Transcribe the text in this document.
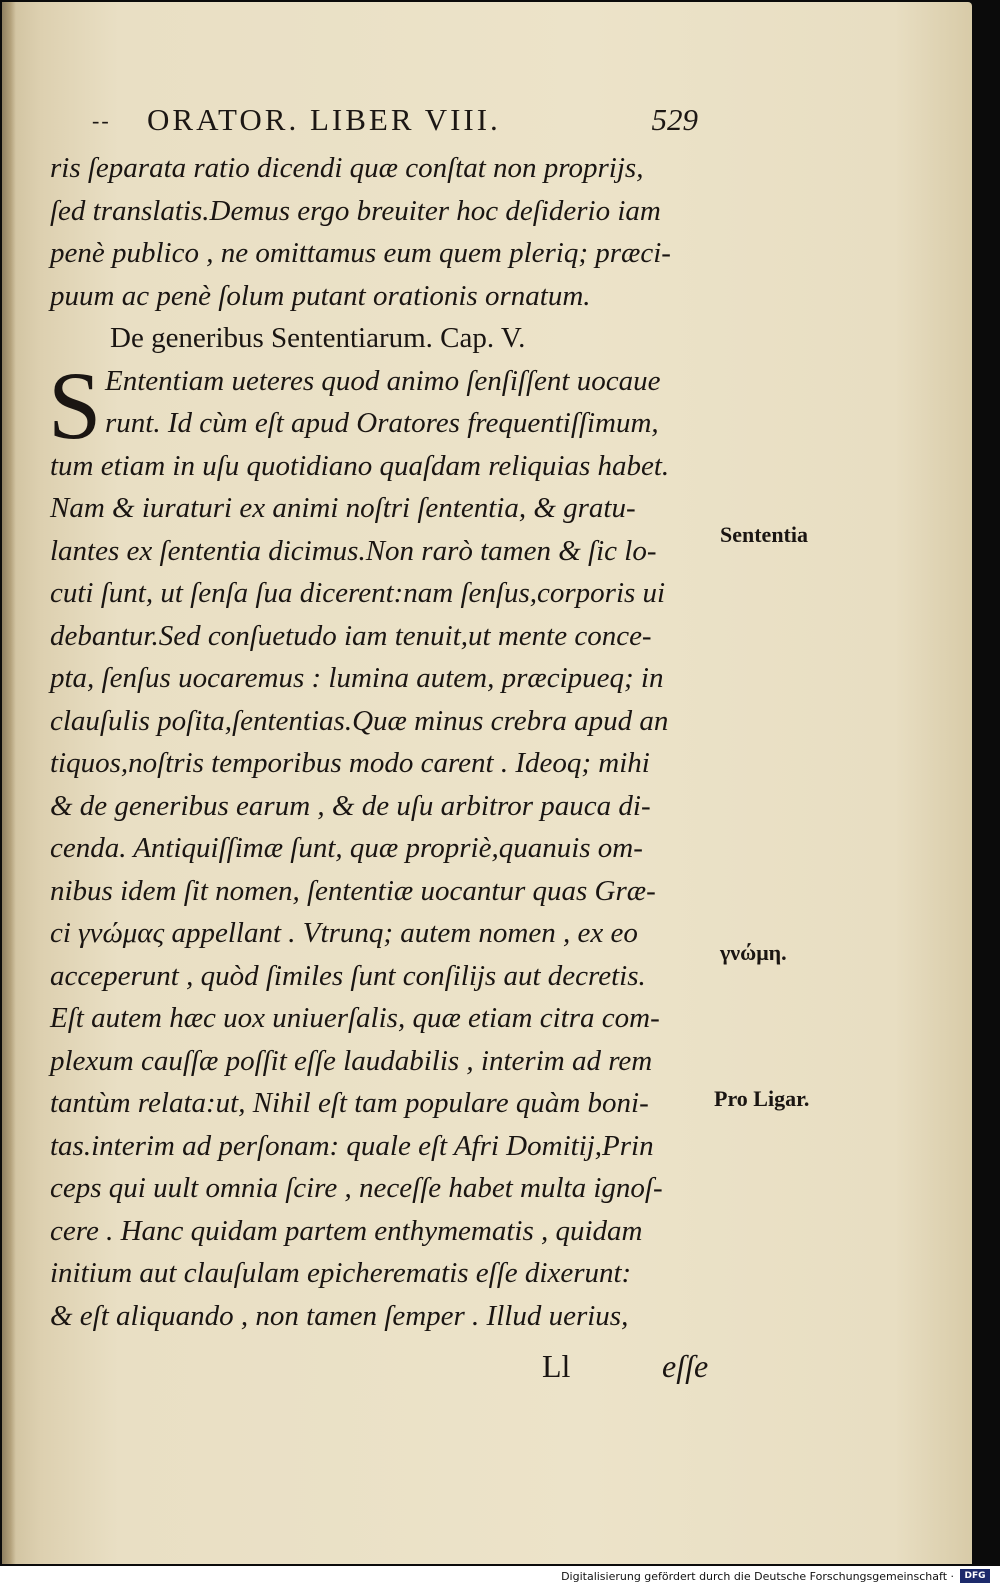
-- ORATOR. LIBER VIII.	529
S
ris ſeparata ratio dicendi quæ conſtat non proprijs,
ſed translatis.Demus ergo breuiter hoc deſiderio iam
penè publico , ne omittamus eum quem pleriq; præci-
puum ac penè ſolum putant orationis ornatum.
De generibus Sententiarum. Cap. V.
Ententiam ueteres quod animo ſenſiſſent uocaue
runt. Id cùm eſt apud Oratores frequentiſſimum,
tum etiam in uſu quotidiano quaſdam reliquias habet.
Nam & iuraturi ex animi noſtri ſententia, & gratu-
lantes ex ſententia dicimus.Non rarò tamen & ſic lo-
cuti ſunt, ut ſenſa ſua dicerent:nam ſenſus,corporis ui
debantur.Sed conſuetudo iam tenuit,ut mente conce-
pta, ſenſus uocaremus : lumina autem, præcipueq; in
clauſulis poſita,ſententias.Quæ minus crebra apud an
tiquos,noſtris temporibus modo carent . Ideoq; mihi
& de generibus earum , & de uſu arbitror pauca di-
cenda. Antiquiſſimæ ſunt, quæ propriè,quanuis om-
nibus idem ſit nomen, ſententiæ uocantur quas Græ-
ci γνώμας appellant . Vtrunq; autem nomen , ex eo
acceperunt , quòd ſimiles ſunt conſilijs aut decretis.
Eſt autem hæc uox uniuerſalis, quæ etiam citra com-
plexum cauſſæ poſſit eſſe laudabilis , interim ad rem
tantùm relata:ut, Nihil eſt tam populare quàm boni-
tas.interim ad perſonam: quale eſt Afri Domitij,Prin
ceps qui uult omnia ſcire , neceſſe habet multa ignoſ-
cere . Hanc quidam partem enthymematis , quidam
initium aut clauſulam epicherematis eſſe dixerunt:
& eſt aliquando , non tamen ſemper . Illud uerius,
Sententia
γνώμη.
Pro Ligar.
Ll	eſſe
Digitalisierung gefördert durch die Deutsche Forschungsgemeinschaft ·	DFG
